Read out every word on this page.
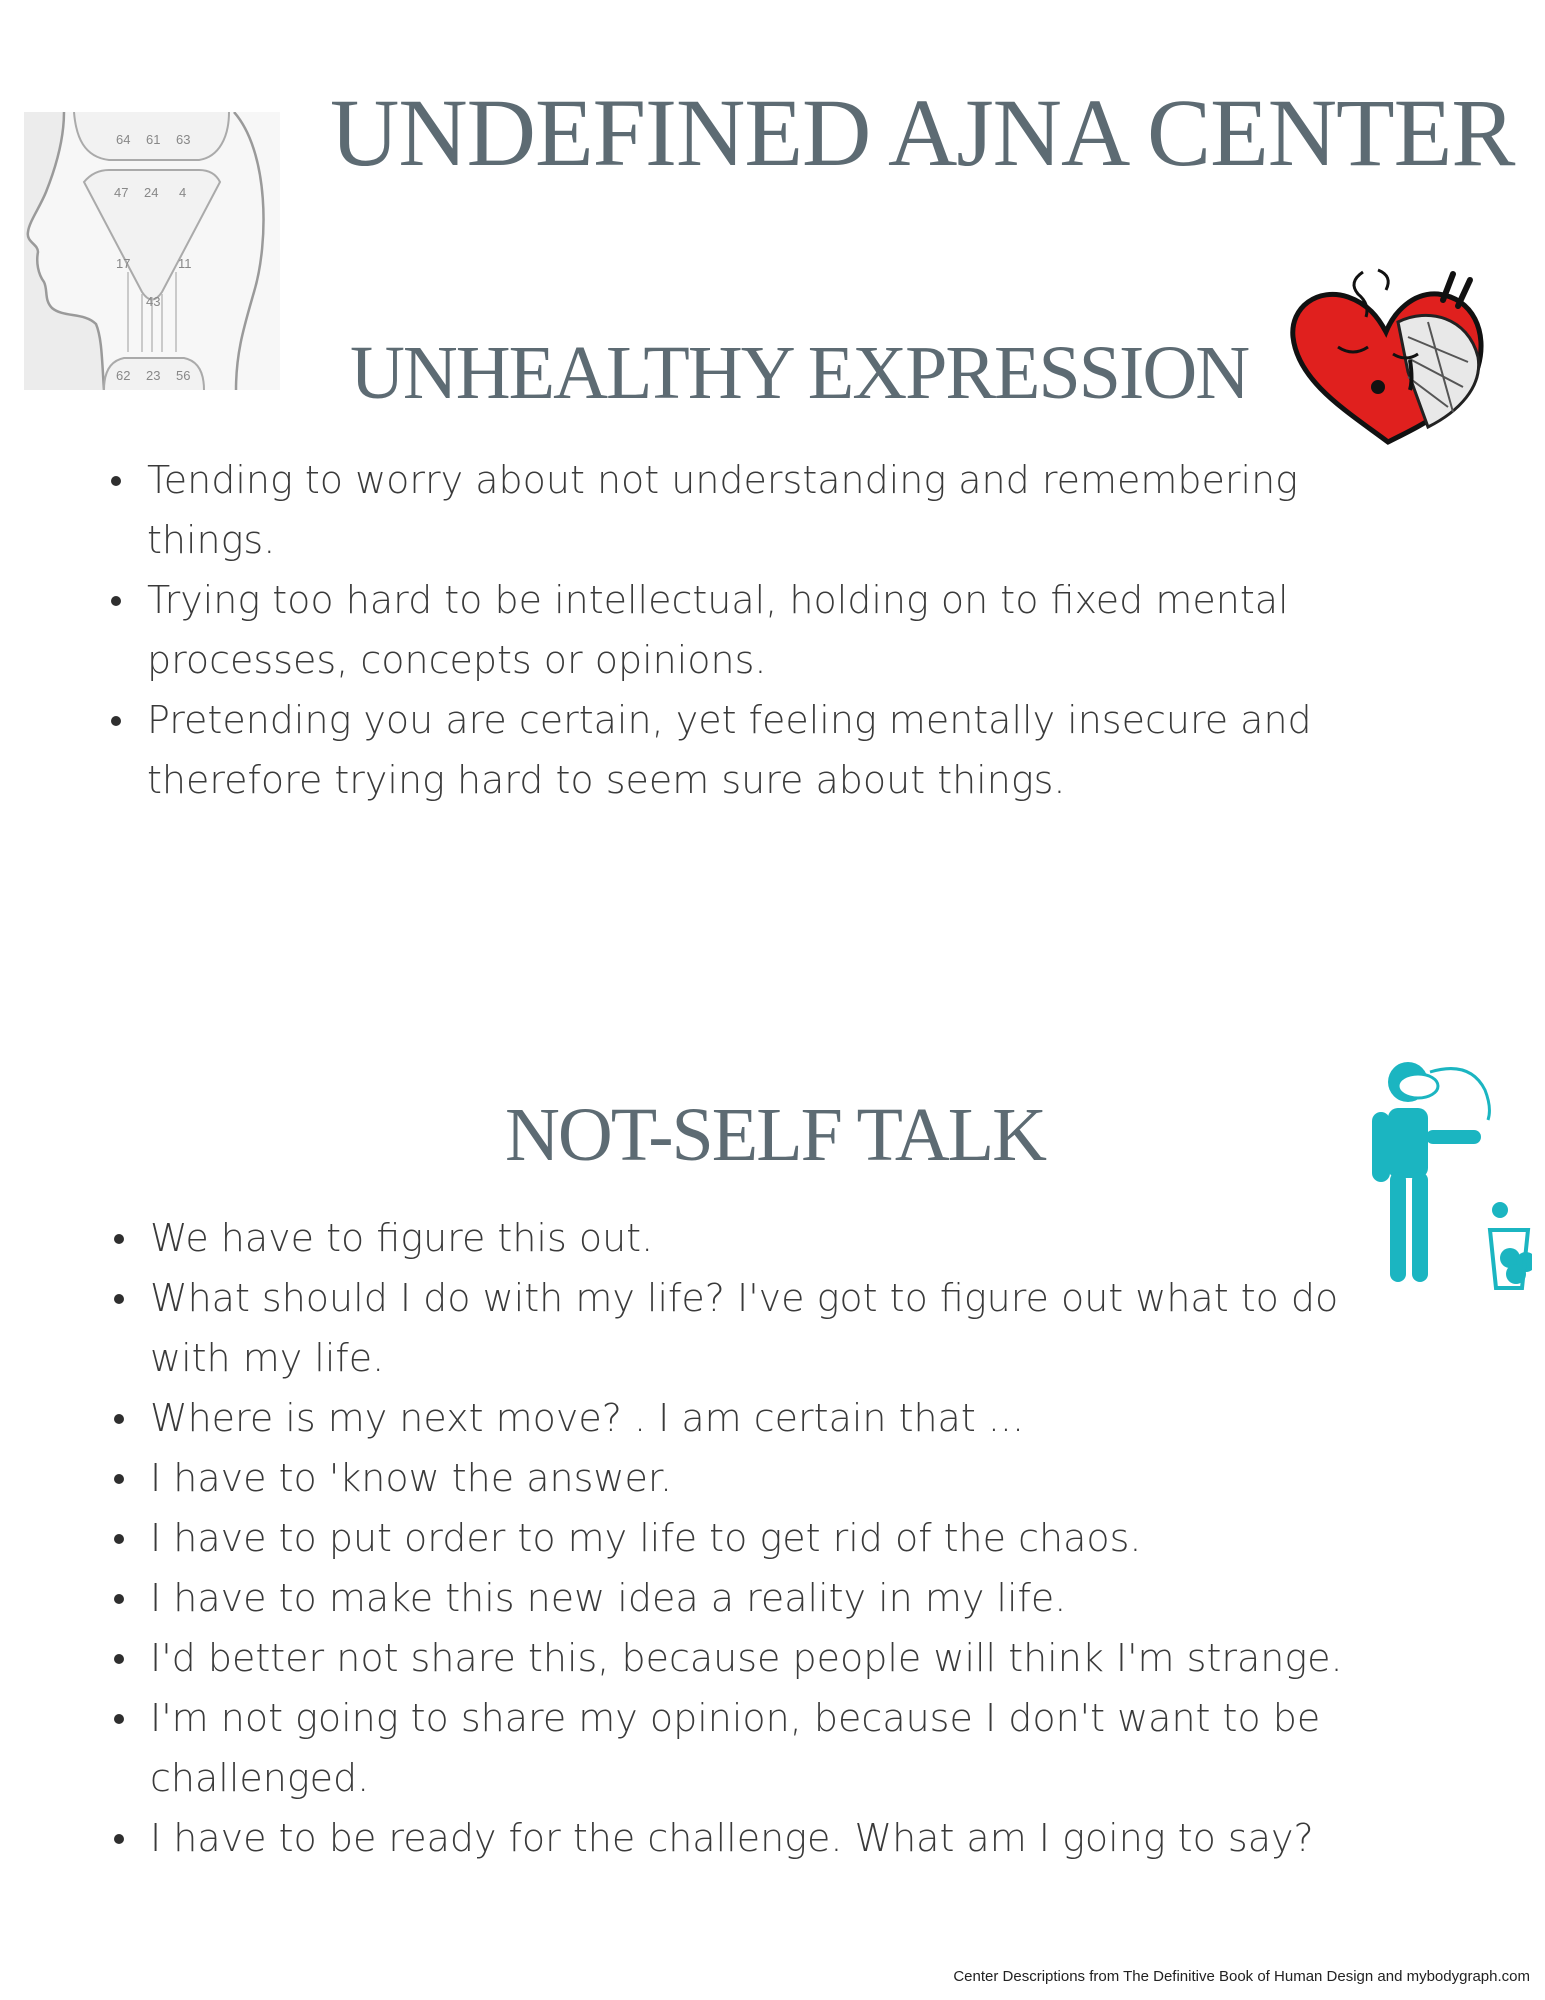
64 61 63
47 24 4
17	11
43
62 23 56
UNDEFINED AJNA CENTER
UNHEALTHY EXPRESSION
Tending to worry about not understanding and remembering things.
Trying too hard to be intellectual, holding on to fixed mental processes, concepts or opinions.
Pretending you are certain, yet feeling mentally insecure and therefore trying hard to seem sure about things.
NOT-SELF TALK
We have to figure this out.
What should I do with my life? I've got to figure out what to do with my life.
Where is my next move? . I am certain that ...
I have to 'know the answer.
I have to put order to my life to get rid of the chaos.
I have to make this new idea a reality in my life.
I'd better not share this, because people will think I'm strange.
I'm not going to share my opinion, because I don't want to be challenged.
I have to be ready for the challenge. What am I going to say?
Center Descriptions from The Definitive Book of Human Design and mybodygraph.com
